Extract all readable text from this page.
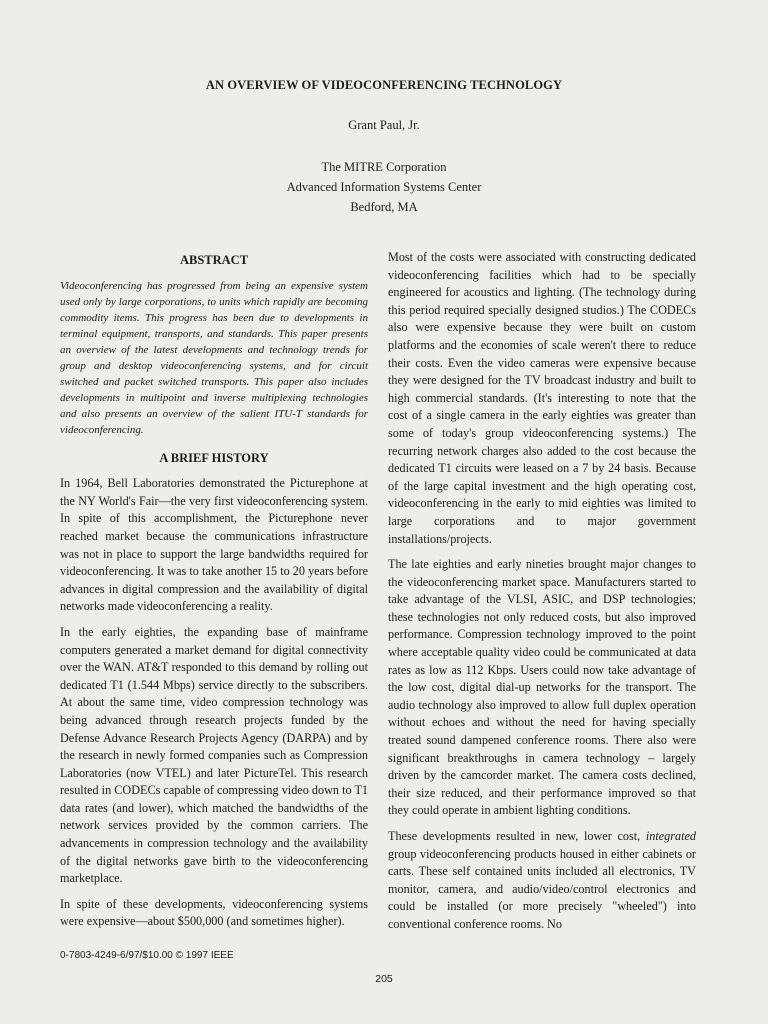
AN OVERVIEW OF VIDEOCONFERENCING TECHNOLOGY
Grant Paul, Jr.
The MITRE Corporation
Advanced Information Systems Center
Bedford, MA
ABSTRACT

Videoconferencing has progressed from being an expensive system used only by large corporations, to units which rapidly are becoming commodity items. This progress has been due to developments in terminal equipment, transports, and standards. This paper presents an overview of the latest developments and technology trends for group and desktop videoconferencing systems, and for circuit switched and packet switched transports. This paper also includes developments in multipoint and inverse multiplexing technologies and also presents an overview of the salient ITU-T standards for videoconferencing.

A BRIEF HISTORY

In 1964, Bell Laboratories demonstrated the Picturephone at the NY World's Fair—the very first videoconferencing system. In spite of this accomplishment, the Picturephone never reached market because the communications infrastructure was not in place to support the large bandwidths required for videoconferencing. It was to take another 15 to 20 years before advances in digital compression and the availability of digital networks made videoconferencing a reality.

In the early eighties, the expanding base of mainframe computers generated a market demand for digital connectivity over the WAN. AT&T responded to this demand by rolling out dedicated T1 (1.544 Mbps) service directly to the subscribers. At about the same time, video compression technology was being advanced through research projects funded by the Defense Advance Research Projects Agency (DARPA) and by the research in newly formed companies such as Compression Laboratories (now VTEL) and later PictureTel. This research resulted in CODECs capable of compressing video down to T1 data rates (and lower), which matched the bandwidths of the network services provided by the common carriers. The advancements in compression technology and the availability of the digital networks gave birth to the videoconferencing marketplace.

In spite of these developments, videoconferencing systems were expensive—about $500,000 (and sometimes higher).

Most of the costs were associated with constructing dedicated videoconferencing facilities which had to be specially engineered for acoustics and lighting. (The technology during this period required specially designed studios.) The CODECs also were expensive because they were built on custom platforms and the economies of scale weren't there to reduce their costs. Even the video cameras were expensive because they were designed for the TV broadcast industry and built to high commercial standards. (It's interesting to note that the cost of a single camera in the early eighties was greater than some of today's group videoconferencing systems.) The recurring network charges also added to the cost because the dedicated T1 circuits were leased on a 7 by 24 basis. Because of the large capital investment and the high operating cost, videoconferencing in the early to mid eighties was limited to large corporations and to major government installations/projects.

The late eighties and early nineties brought major changes to the videoconferencing market space. Manufacturers started to take advantage of the VLSI, ASIC, and DSP technologies; these technologies not only reduced costs, but also improved performance. Compression technology improved to the point where acceptable quality video could be communicated at data rates as low as 112 Kbps. Users could now take advantage of the low cost, digital dial-up networks for the transport. The audio technology also improved to allow full duplex operation without echoes and without the need for having specially treated sound dampened conference rooms. There also were significant breakthroughs in camera technology – largely driven by the camcorder market. The camera costs declined, their size reduced, and their performance improved so that they could operate in ambient lighting conditions.

These developments resulted in new, lower cost, integrated group videoconferencing products housed in either cabinets or carts. These self contained units included all electronics, TV monitor, camera, and audio/video/control electronics and could be installed (or more precisely "wheeled") into conventional conference rooms. No

0-7803-4249-6/97/$10.00 © 1997 IEEE
205
